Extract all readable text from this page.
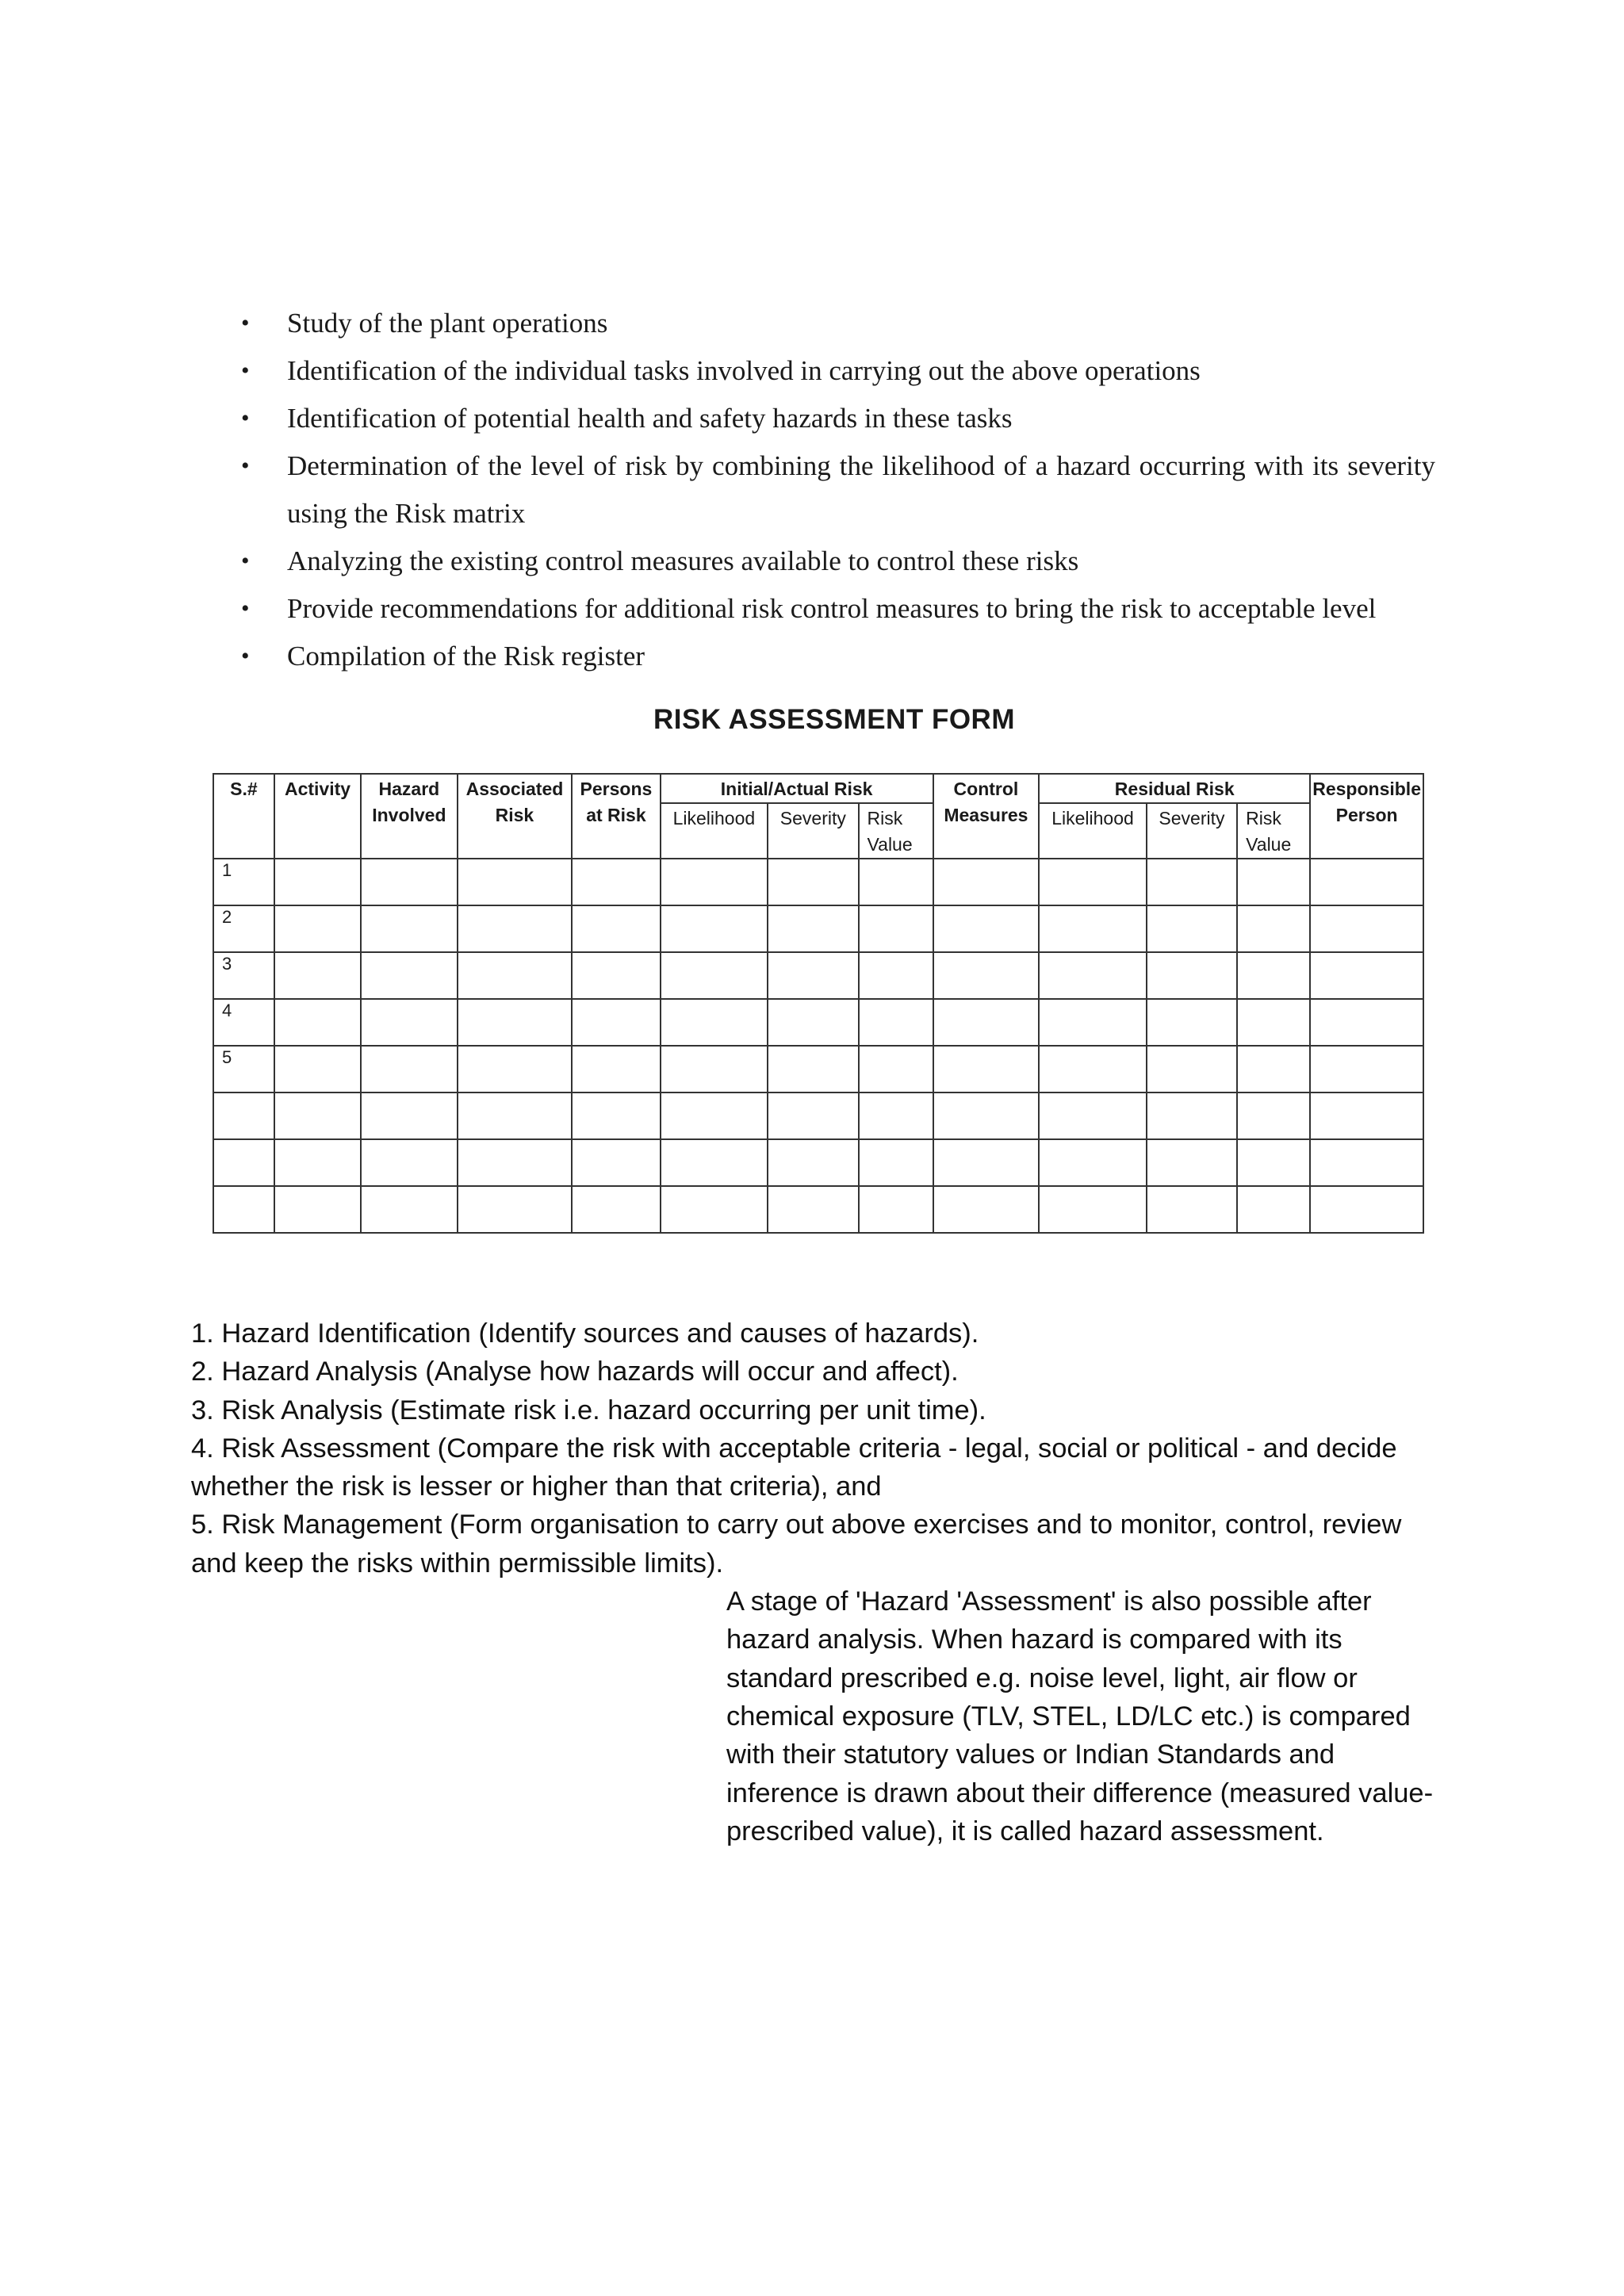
• Study of the plant operations
• Identification of the individual tasks involved in carrying out the above operations
• Identification of potential health and safety hazards in these tasks
• Determination of the level of risk by combining the likelihood of a hazard occurring with its severity using the Risk matrix
• Analyzing the existing control measures available to control these risks
• Provide recommendations for additional risk control measures to bring the risk to acceptable level
• Compilation of the Risk register
RISK ASSESSMENT FORM
S.#	Activity	Hazard Involved	Associated Risk	Persons at Risk	Initial/Actual Risk			Control Measures	Residual Risk			Responsible Person
					Likelihood	Severity	Risk Value		Likelihood	Severity	Risk Value	
1												
2												
3												
4												
5												

1. Hazard Identification (Identify sources and causes of hazards).

2. Hazard Analysis (Analyse how hazards will occur and affect).

3. Risk Analysis (Estimate risk i.e. hazard occurring per unit time).

4. Risk Assessment (Compare the risk with acceptable criteria - legal, social or political - and decide whether the risk is lesser or higher than that criteria), and

5. Risk Management (Form organisation to carry out above exercises and to monitor, control, review and keep the risks within permissible limits).

A stage of 'Hazard 'Assessment' is also possible after hazard analysis. When hazard is compared with its standard prescribed e.g. noise level, light, air flow or chemical exposure (TLV, STEL, LD/LC etc.) is compared with their statutory values or Indian Standards and inference is drawn about their difference (measured value- prescribed value), it is called hazard assessment.
